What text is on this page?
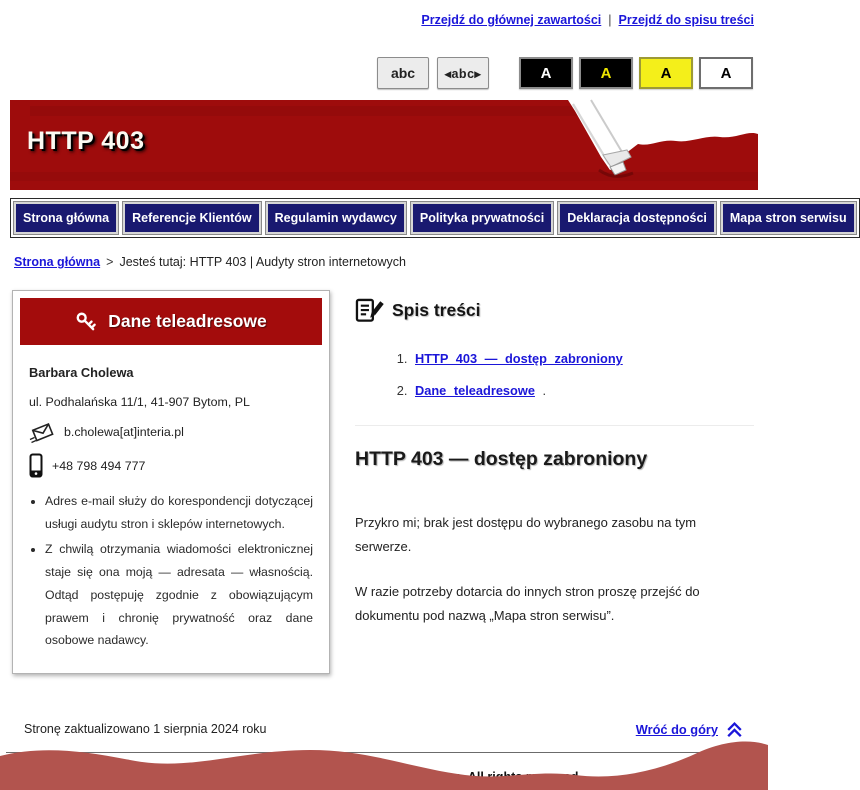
Przejdź do głównej zawartości | Przejdź do spisu treści
abc	◂abc▸	A	A	A	A
HTTP 403
Strona główna	Referencje Klientów	Regulamin wydawcy	Polityka prywatności	Deklaracja dostępności	Mapa stron serwisu
Strona główna > Jesteś tutaj: HTTP 403 | Audyty stron internetowych
Dane teleadresowe
Barbara Cholewa
ul. Podhalańska 11/1, 41-907 Bytom, PL
b.cholewa[at]interia.pl
+48 798 494 777
• Adres e-mail służy do korespondencji dotyczącej usługi audytu stron i sklepów internetowych.
• Z chwilą otrzymania wiadomości elektronicznej staje się ona moją — adresata — własnością. Odtąd postępuję zgodnie z obowiązującym prawem i chronię prywatność oraz dane osobowe nadawcy.
Spis treści
1. HTTP 403 — dostęp zabroniony
2. Dane teleadresowe .
HTTP 403 — dostęp zabroniony

Przykro mi; brak jest dostępu do wybranego zasobu na tym serwerze.

W razie potrzeby dotarcia do innych stron proszę przejść do dokumentu pod nazwą „Mapa stron serwisu”.

Stronę zaktualizowano 1 sierpnia 2024 roku	Wróć do góry
